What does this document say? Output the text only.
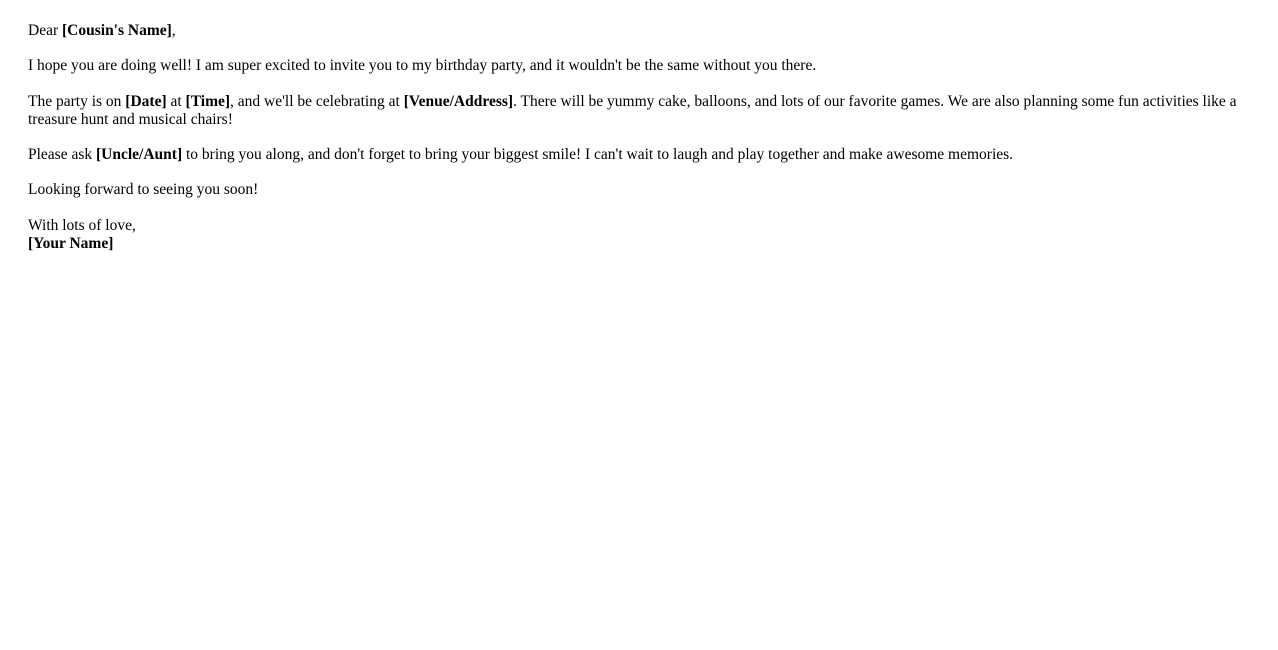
Dear [Cousin's Name],

I hope you are doing well! I am super excited to invite you to my birthday party, and it wouldn't be the same without you there.

The party is on [Date] at [Time], and we'll be celebrating at [Venue/Address]. There will be yummy cake, balloons, and lots of our favorite games. We are also planning some fun activities like a treasure hunt and musical chairs!

Please ask [Uncle/Aunt] to bring you along, and don't forget to bring your biggest smile! I can't wait to laugh and play together and make awesome memories.

Looking forward to seeing you soon!

With lots of love,
[Your Name]
